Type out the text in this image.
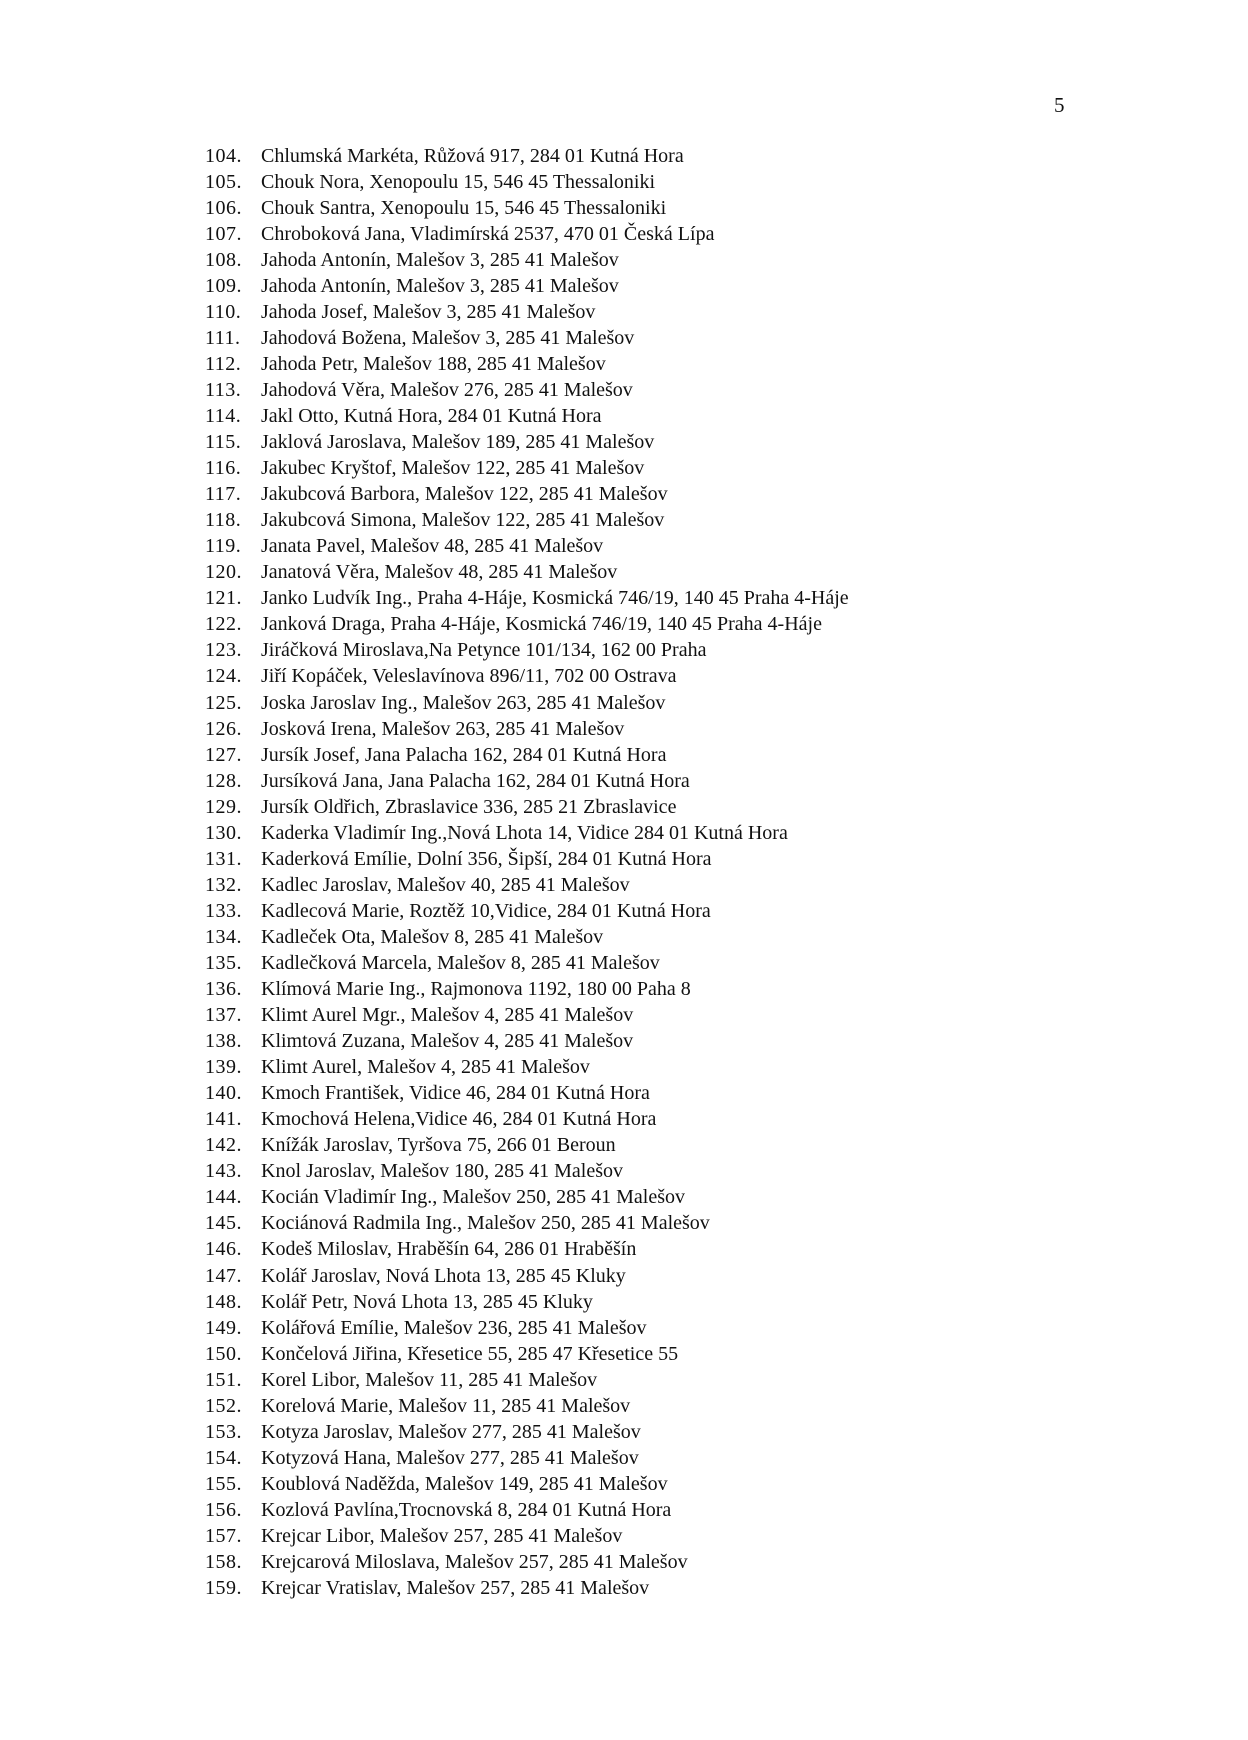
5
104. Chlumská Markéta, Růžová 917, 284 01 Kutná Hora
105. Chouk Nora, Xenopoulu 15, 546 45 Thessaloniki
106. Chouk Santra, Xenopoulu 15, 546 45 Thessaloniki
107. Chroboková Jana, Vladimírská 2537, 470 01 Česká Lípa
108. Jahoda Antonín, Malešov 3, 285 41 Malešov
109. Jahoda Antonín, Malešov 3, 285 41 Malešov
110. Jahoda Josef, Malešov 3, 285 41 Malešov
111.	Jahodová Božena, Malešov 3, 285 41 Malešov
112. Jahoda Petr, Malešov 188, 285 41 Malešov
113. Jahodová Věra, Malešov 276, 285 41 Malešov
114. Jakl Otto, Kutná Hora, 284 01 Kutná Hora
115. Jaklová Jaroslava, Malešov 189, 285 41 Malešov
116. Jakubec Kryštof, Malešov 122, 285 41 Malešov
117. Jakubcová Barbora, Malešov 122, 285 41 Malešov
118. Jakubcová Simona, Malešov 122, 285 41 Malešov
119. Janata Pavel, Malešov 48, 285 41 Malešov
120. Janatová Věra, Malešov 48, 285 41 Malešov
121. Janko Ludvík Ing., Praha 4-Háje, Kosmická 746/19, 140 45 Praha 4-Háje
122. Janková Draga, Praha 4-Háje, Kosmická 746/19, 140 45 Praha 4-Háje
123. Jiráčková Miroslava,Na Petynce 101/134, 162 00 Praha
124. Jiří Kopáček, Veleslavínova 896/11, 702 00 Ostrava
125. Joska Jaroslav Ing., Malešov 263, 285 41 Malešov
126. Josková Irena, Malešov 263, 285 41 Malešov
127. Jursík Josef, Jana Palacha 162, 284 01 Kutná Hora
128. Jursíková Jana, Jana Palacha 162, 284 01 Kutná Hora
129. Jursík Oldřich, Zbraslavice 336, 285 21 Zbraslavice
130. Kaderka Vladimír Ing.,Nová Lhota 14, Vidice 284 01 Kutná Hora
131. Kaderková Emílie, Dolní 356, Šipší, 284 01 Kutná Hora
132. Kadlec Jaroslav, Malešov 40, 285 41 Malešov
133. Kadlecová Marie, Roztěž 10,Vidice, 284 01 Kutná Hora
134. Kadleček Ota, Malešov 8, 285 41 Malešov
135. Kadlečková Marcela, Malešov 8, 285 41 Malešov
136. Klímová Marie Ing., Rajmonova 1192, 180 00 Paha 8
137. Klimt Aurel Mgr., Malešov 4, 285 41 Malešov
138. Klimtová Zuzana, Malešov 4, 285 41 Malešov
139. Klimt Aurel, Malešov 4, 285 41 Malešov
140. Kmoch František, Vidice 46, 284 01 Kutná Hora
141. Kmochová Helena,Vidice 46, 284 01 Kutná Hora
142. Knížák Jaroslav, Tyršova 75, 266 01 Beroun
143. Knol Jaroslav, Malešov 180, 285 41 Malešov
144. Kocián Vladimír Ing., Malešov 250, 285 41 Malešov
145. Kociánová Radmila Ing., Malešov 250, 285 41 Malešov
146. Kodeš Miloslav, Hraběšín 64, 286 01 Hraběšín
147. Kolář Jaroslav, Nová Lhota 13, 285 45 Kluky
148. Kolář Petr, Nová Lhota 13, 285 45 Kluky
149. Kolářová Emílie, Malešov 236, 285 41 Malešov
150. Končelová Jiřina, Křesetice 55, 285 47 Křesetice 55
151. Korel Libor, Malešov 11, 285 41 Malešov
152. Korelová Marie, Malešov 11, 285 41 Malešov
153. Kotyza Jaroslav, Malešov 277, 285 41 Malešov
154. Kotyzová Hana, Malešov 277, 285 41 Malešov
155. Koublová Naděžda, Malešov 149, 285 41 Malešov
156. Kozlová Pavlína,Trocnovská 8, 284 01 Kutná Hora
157. Krejcar Libor, Malešov 257, 285 41 Malešov
158. Krejcarová Miloslava, Malešov 257, 285 41 Malešov
159. Krejcar Vratislav, Malešov 257, 285 41 Malešov
